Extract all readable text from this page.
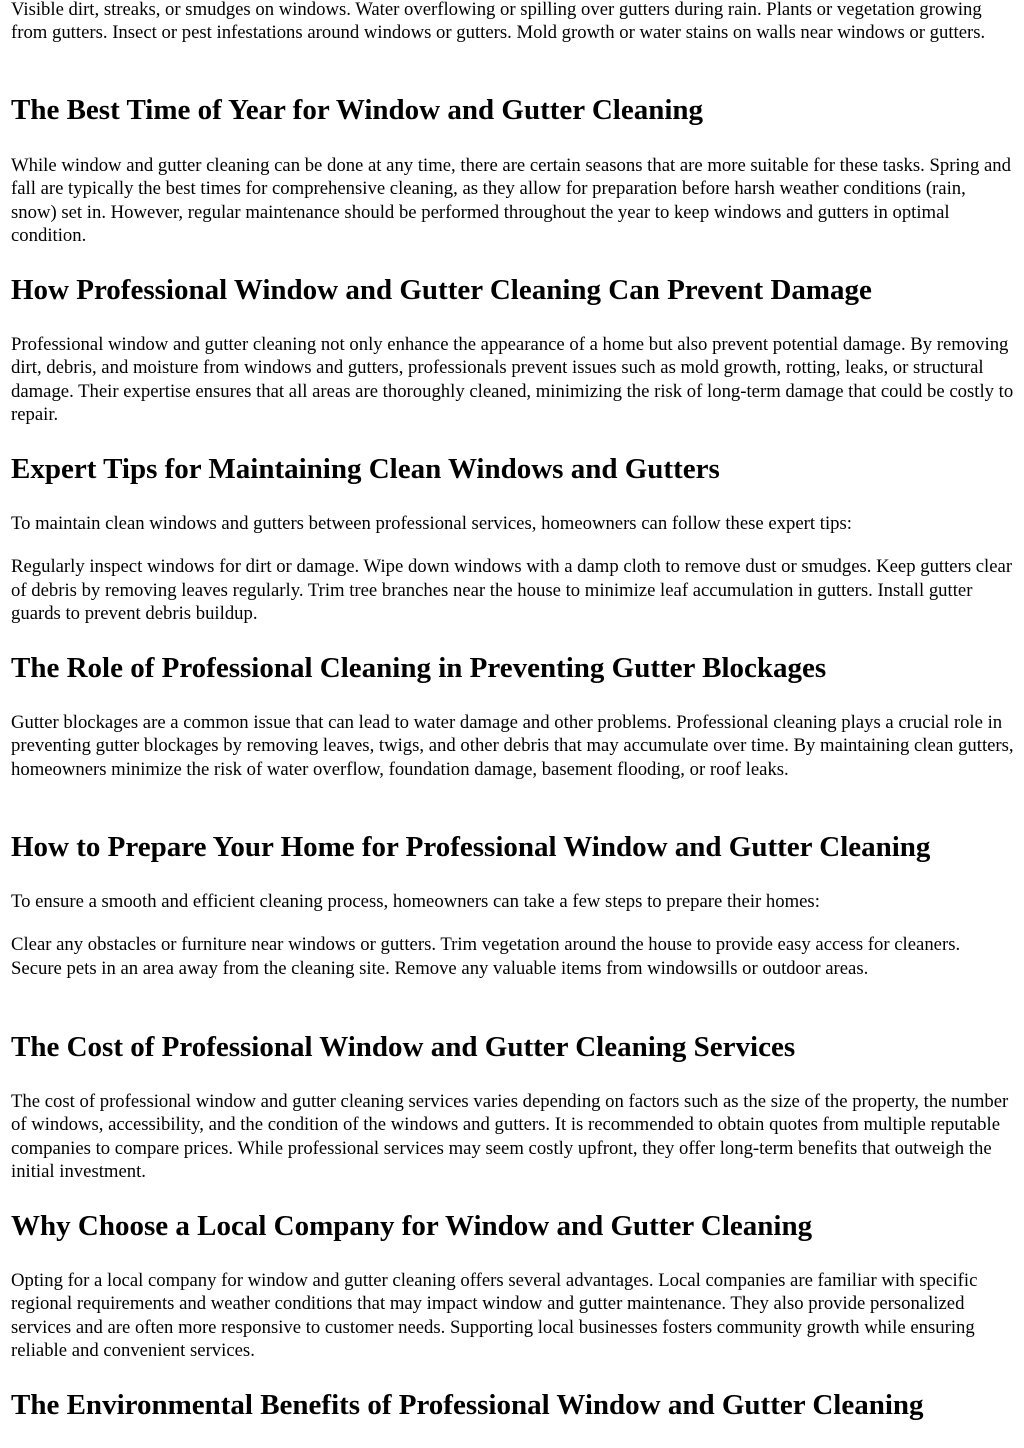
Visible dirt, streaks, or smudges on windows. Water overflowing or spilling over gutters during rain. Plants or vegetation growing from gutters. Insect or pest infestations around windows or gutters. Mold growth or water stains on walls near windows or gutters.

The Best Time of Year for Window and Gutter Cleaning

While window and gutter cleaning can be done at any time, there are certain seasons that are more suitable for these tasks. Spring and fall are typically the best times for comprehensive cleaning, as they allow for preparation before harsh weather conditions (rain, snow) set in. However, regular maintenance should be performed throughout the year to keep windows and gutters in optimal condition.

How Professional Window and Gutter Cleaning Can Prevent Damage

Professional window and gutter cleaning not only enhance the appearance of a home but also prevent potential damage. By removing dirt, debris, and moisture from windows and gutters, professionals prevent issues such as mold growth, rotting, leaks, or structural damage. Their expertise ensures that all areas are thoroughly cleaned, minimizing the risk of long-term damage that could be costly to repair.

Expert Tips for Maintaining Clean Windows and Gutters

To maintain clean windows and gutters between professional services, homeowners can follow these expert tips:

Regularly inspect windows for dirt or damage. Wipe down windows with a damp cloth to remove dust or smudges. Keep gutters clear of debris by removing leaves regularly. Trim tree branches near the house to minimize leaf accumulation in gutters. Install gutter guards to prevent debris buildup.

The Role of Professional Cleaning in Preventing Gutter Blockages

Gutter blockages are a common issue that can lead to water damage and other problems. Professional cleaning plays a crucial role in preventing gutter blockages by removing leaves, twigs, and other debris that may accumulate over time. By maintaining clean gutters, homeowners minimize the risk of water overflow, foundation damage, basement flooding, or roof leaks.

How to Prepare Your Home for Professional Window and Gutter Cleaning

To ensure a smooth and efficient cleaning process, homeowners can take a few steps to prepare their homes:

Clear any obstacles or furniture near windows or gutters. Trim vegetation around the house to provide easy access for cleaners. Secure pets in an area away from the cleaning site. Remove any valuable items from windowsills or outdoor areas.

The Cost of Professional Window and Gutter Cleaning Services

The cost of professional window and gutter cleaning services varies depending on factors such as the size of the property, the number of windows, accessibility, and the condition of the windows and gutters. It is recommended to obtain quotes from multiple reputable companies to compare prices. While professional services may seem costly upfront, they offer long-term benefits that outweigh the initial investment.

Why Choose a Local Company for Window and Gutter Cleaning

Opting for a local company for window and gutter cleaning offers several advantages. Local companies are familiar with specific regional requirements and weather conditions that may impact window and gutter maintenance. They also provide personalized services and are often more responsive to customer needs. Supporting local businesses fosters community growth while ensuring reliable and convenient services.

The Environmental Benefits of Professional Window and Gutter Cleaning
